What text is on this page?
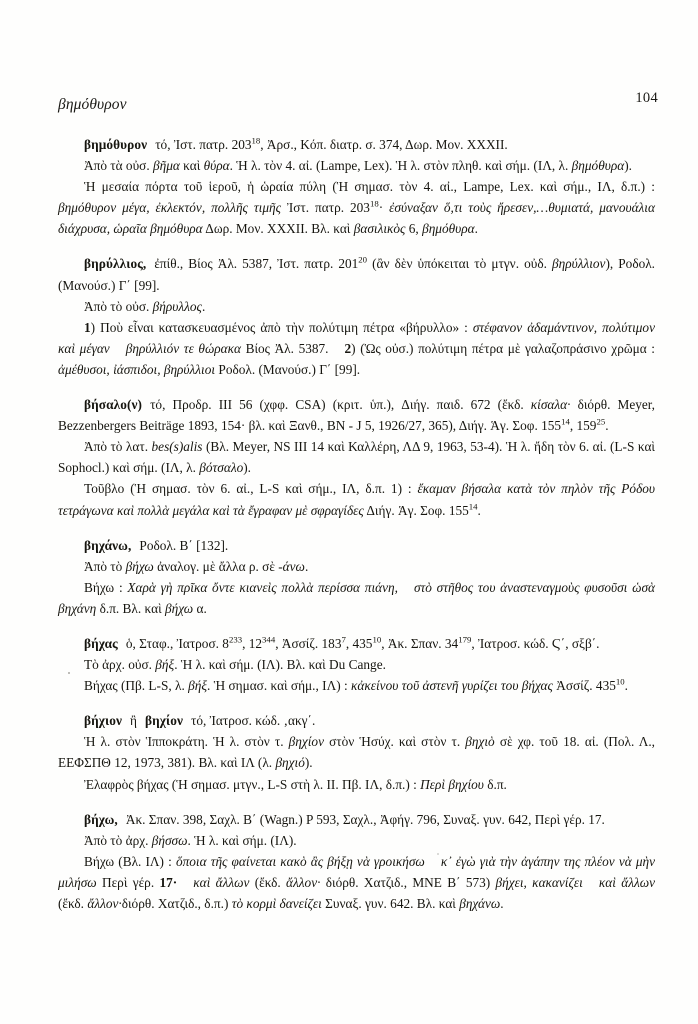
βημόθυρον	104

βημόθυρον τό, Ἰστ. πατρ. $203^{18}$, Ἀρσ., Κόπ. διατρ. σ. 374, Δωρ. Μον. XXXII.

Ἀπὸ τὰ οὐσ. βῆμα καὶ θύρα. Ἡ λ. τὸν 4. αἰ. (Lampe, Lex). Ἡ λ. στὸν πληθ. καὶ σήμ. (ΙΛ, λ. βημόθυρα).

Ἡ μεσαία πόρτα τοῦ ἱεροῦ, ἡ ὡραία πύλη (Ἡ σημασ. τὸν 4. αἰ., Lampe, Lex. καὶ σήμ., ΙΛ, δ.π.) : βημόθυρον μέγα, ἐκλεκτόν, πολλῆς τιμῆς Ἰστ. πατρ. $203^{18}\cdot$ ἐσύναξαν ὅ,τι τοὺς ἤρεσεν,…θυμιατά, μανουάλια διάχρυσα, ὡραῖα βημόθυρα Δωρ. Μον. XXXII. Βλ. καὶ βασιλικὸς 6, βημόθυρα.

βηρύλλιος, ἐπίθ., Βίος Ἀλ. 5387, Ἰστ. πατρ. $201^{20}$ (ἂν δὲν ὑπόκειται τὸ μτγν. οὐδ. βηρύλλιον), Ροδολ. (Μανούσ.) Γ΄ [99].

Ἀπὸ τὸ οὐσ. βήρυλλος.

1) Ποὺ εἶναι κατασκευασμένος ἀπὸ τὴν πολύτιμη πέτρα «βήρυλλο» : στέφανον ἀδαμάντινον, πολύτιμον καὶ μέγαν βηρύλλιόν τε θώρακα Βίος Ἀλ. 5387. 2) (Ὡς οὐσ.) πολύτιμη πέτρα μὲ γαλαζοπράσινο χρῶμα : ἀμέθυσοι, ἰάσπιδοι, βηρύλλιοι Ροδολ. (Μανούσ.) Γ΄ [99].

βήσαλο(ν) τό, Προδρ. III 56 (χφφ. CSA) (κριτ. ὑπ.), Διήγ. παιδ. 672 (ἔκδ. κίσαλα· διόρθ. Meyer, Bezzenbergers Beiträge 1893, 154· βλ. καὶ Ξανθ., BN - J 5, 1926/27, 365), Διήγ. Ἁγ. Σοφ. $155^{14}$, $159^{25}$.

Ἀπὸ τὸ λατ. bes(s)alis (Βλ. Meyer, NS III 14 καὶ Καλλέρη, ΛΔ 9, 1963, 53-4). Ἡ λ. ἤδη τὸν 6. αἰ. (L-S καὶ Sophocl.) καὶ σήμ. (ΙΛ, λ. βότσαλο).

Τοῦβλο (Ἡ σημασ. τὸν 6. αἰ., L-S καὶ σήμ., ΙΛ, δ.π. 1) : ἔκαμαν βήσαλα κατὰ τὸν πηλὸν τῆς Ρόδου τετράγωνα καὶ πολλὰ μεγάλα καὶ τὰ ἔγραφαν μὲ σφραγίδες Διήγ. Ἁγ. Σοφ. $155^{14}$.

βηχάνω, Ροδολ. Β΄ [132].

Ἀπὸ τὸ βήχω ἀναλογ. μὲ ἄλλα ρ. σὲ -άνω.

Βήχω : Χαρὰ γὴ πρῖκα ὄντε κιανεὶς πολλὰ περίσσα πιάνη, στὸ στῆθος του ἀναστεναγμοὺς φυσοῦσι ὡσὰ βηχάνη δ.π. Βλ. καὶ βήχω α.

βήχας ὁ, Σταφ., Ἰατροσ. $8^{233}$, $12^{344}$, Ἀσσίζ. $183^7$, $435^{10}$, Ἀκ. Σπαν. $34^{179}$, Ἰατροσ. κώδ. Ϛ΄, σξβ΄.

Τὸ ἀρχ. οὐσ. βήξ. Ἡ λ. καὶ σήμ. (ΙΛ). Βλ. καὶ Du Cange.

Βήχας (Πβ. L-S, λ. βήξ. Ἡ σημασ. καὶ σήμ., ΙΛ) : κἀκείνου τοῦ ἀστενῆ γυρίζει του βήχας Ἀσσίζ. $435^{10}$.

βήχιον ἢ βηχίον τό, Ἰατροσ. κώδ. ‚ακγ΄.

Ἡ λ. στὸν Ἱπποκράτη. Ἡ λ. στὸν τ. βηχίον στὸν Ἡσύχ. καὶ στὸν τ. βηχιὸ σὲ χφ. τοῦ 18. αἰ. (Πολ. Λ., ΕΕΦΣΠΘ 12, 1973, 381). Βλ. καὶ ΙΛ (λ. βηχιό).

Ἐλαφρὸς βήχας (Ἡ σημασ. μτγν., L-S στὴ λ. II. Πβ. ΙΛ, δ.π.) : Περὶ βηχίου δ.π.

βήχω, Ἀκ. Σπαν. 398, Σαχλ. Β΄ (Wagn.) P 593, Σαχλ., Ἀφήγ. 796, Συναξ. γυν. 642, Περὶ γέρ. 17.

Ἀπὸ τὸ ἀρχ. βήσσω. Ἡ λ. καὶ σήμ. (ΙΛ).

Βήχω (Βλ. ΙΛ) : ὅποια τῆς φαίνεται κακὸ ἂς βήξῃ νὰ γροικήσω κ᾽ ἐγὼ γιὰ τὴν ἀγάπην της πλέον νὰ μὴν μιλήσω Περὶ γέρ. 17· καὶ ἄλλων (ἔκδ. ἄλλον· διόρθ. Χατζιδ., ΜΝΕ Β΄ 573) βήχει, κακανίζει καὶ ἄλλων (ἔκδ. ἄλλον·διόρθ. Χατζιδ., δ.π.) τὸ κορμὶ δανείζει Συναξ. γυν. 642. Βλ. καὶ βηχάνω.
